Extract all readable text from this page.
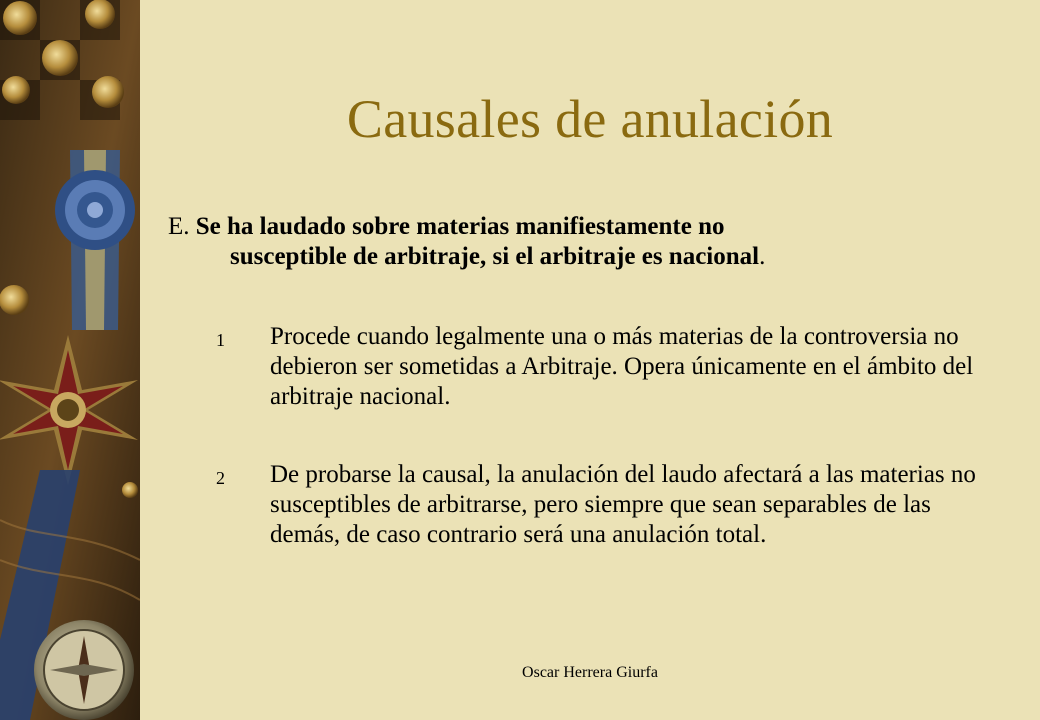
Causales de anulación
E. Se ha laudado sobre materias manifiestamente no
susceptible de arbitraje, si el arbitraje es nacional.
1 Procede cuando legalmente una o más materias de la controversia no debieron ser sometidas a Arbitraje. Opera únicamente en el ámbito del arbitraje nacional.
2 De probarse la causal, la anulación del laudo afectará a las materias no susceptibles de arbitrarse, pero siempre que sean separables de las demás, de caso contrario será una anulación total.
Oscar Herrera Giurfa
